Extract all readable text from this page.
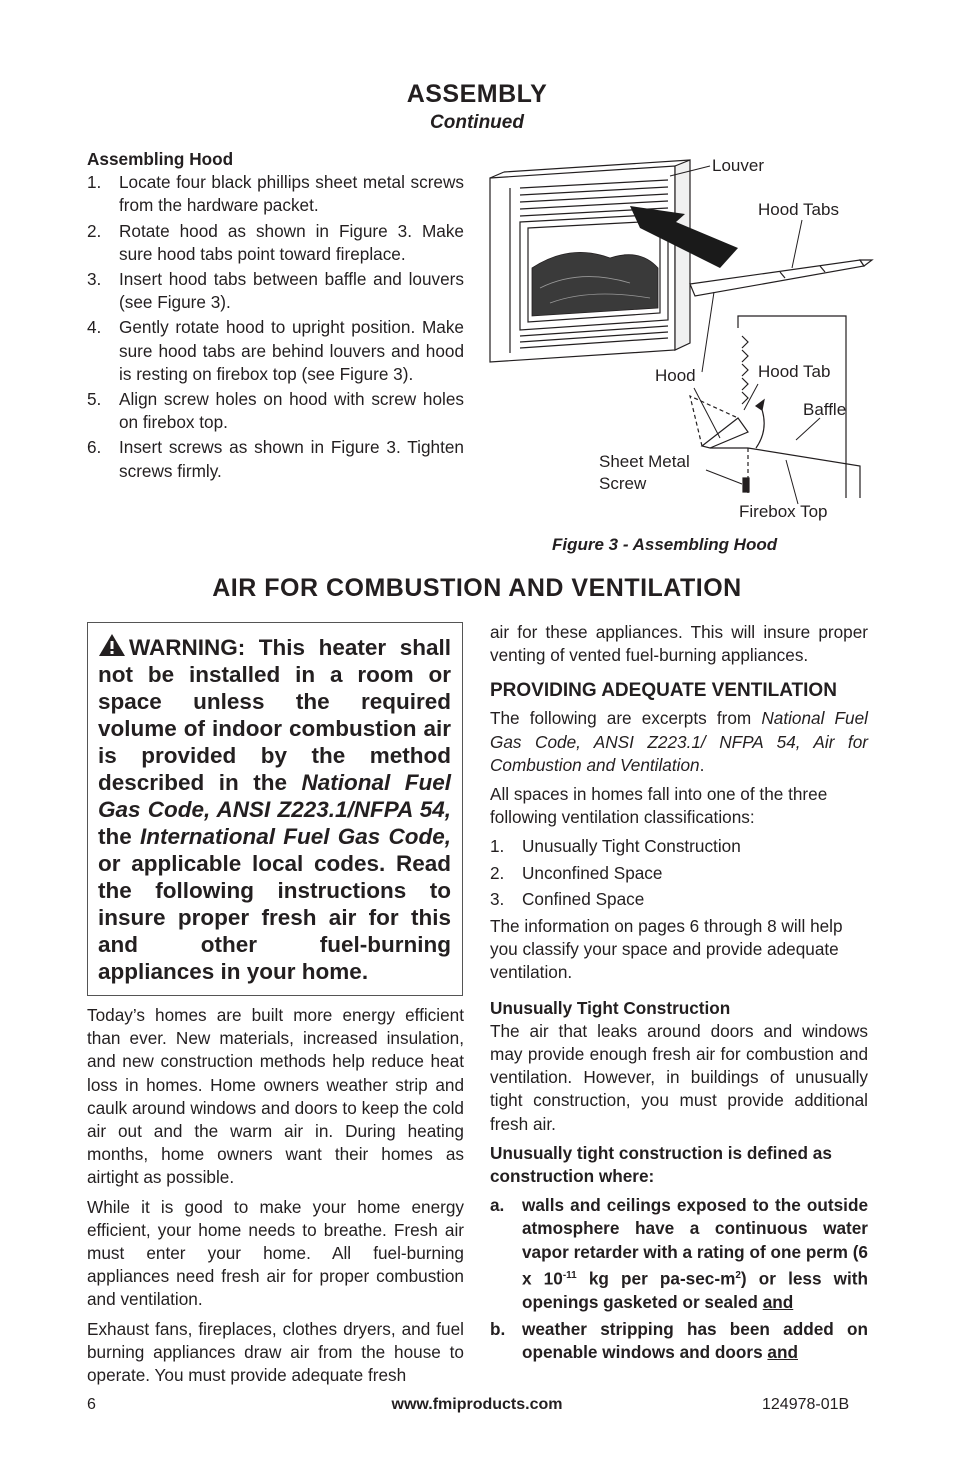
ASSEMBLY
Continued
Assembling Hood
1. Locate four black phillips sheet metal screws from the hardware packet.
2. Rotate hood as shown in Figure 3. Make sure hood tabs point toward fireplace.
3. Insert hood tabs between baffle and louvers (see Figure 3).
4. Gently rotate hood to upright position. Make sure hood tabs are behind louvers and hood is resting on firebox top (see Figure 3).
5. Align screw holes on hood with screw holes on firebox top.
6. Insert screws as shown in Figure 3. Tighten screws firmly.
Louver
Hood Tabs
Hood	Hood Tab
Baffle
Sheet Metal
Screw
Firebox Top
Figure 3 - Assembling Hood
AIR FOR COMBUSTION AND VENTILATION
WARNING: This heater shall not be installed in a room or space unless the required volume of indoor combustion air is provided by the method described in the National Fuel Gas Code, ANSI Z223.1/NFPA 54, the International Fuel Gas Code, or applicable local codes. Read the following instructions to insure proper fresh air for this and other fuel-burning appliances in your home.

Today’s homes are built more energy efficient than ever. New materials, increased insulation, and new construction methods help reduce heat loss in homes. Home owners weather strip and caulk around windows and doors to keep the cold air out and the warm air in. During heating months, home owners want their homes as airtight as possible.

While it is good to make your home energy efficient, your home needs to breathe. Fresh air must enter your home. All fuel-burning appliances need fresh air for proper combustion and ventilation.

Exhaust fans, fireplaces, clothes dryers, and fuel burning appliances draw air from the house to operate. You must provide adequate fresh

air for these appliances. This will insure proper venting of vented fuel-burning appliances.

PROVIDING ADEQUATE VENTILATION

The following are excerpts from National Fuel Gas Code, ANSI Z223.1/ NFPA 54, Air for Combustion and Ventilation.

All spaces in homes fall into one of the three following ventilation classifications:

1. Unusually Tight Construction
2. Unconfined Space
3. Confined Space

The information on pages 6 through 8 will help you classify your space and provide adequate ventilation.

Unusually Tight Construction

The air that leaks around doors and windows may provide enough fresh air for combustion and ventilation. However, in buildings of unusually tight construction, you must provide additional fresh air.

Unusually tight construction is defined as construction where:

a. walls and ceilings exposed to the outside atmosphere have a continuous water vapor retarder with a rating of one perm (6 x $10^{-11}$ kg per $pa-\sec-m^2$) or less with openings gasketed or sealed and
b. weather stripping has been added on openable windows and doors and
6	www.fmiproducts.com	124978-01B
